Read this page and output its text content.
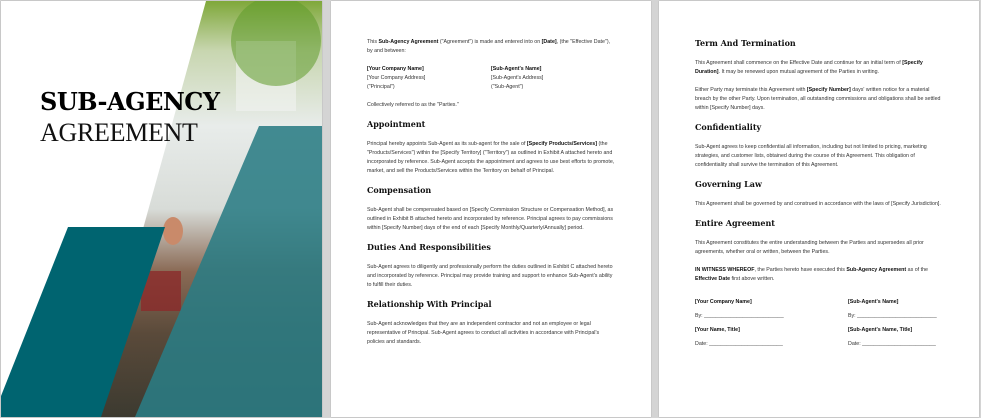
SUB-AGENCY
AGREEMENT

This Sub-Agency Agreement ("Agreement") is made and entered into on [Date], (the "Effective Date"), by and between:

[Your Company Name]
[Your Company Address]
("Principal")
[Sub-Agent's Name]
[Sub-Agent's Address]
("Sub-Agent")

Collectively referred to as the "Parties."

Appointment

Principal hereby appoints Sub-Agent as its sub-agent for the sale of [Specify Products/Services] (the "Products/Services") within the [Specify Territory] ("Territory") as outlined in Exhibit A attached hereto and incorporated by reference. Sub-Agent accepts the appointment and agrees to use best efforts to promote, market, and sell the Products/Services within the Territory on behalf of Principal.

Compensation

Sub-Agent shall be compensated based on [Specify Commission Structure or Compensation Method], as outlined in Exhibit B attached hereto and incorporated by reference. Principal agrees to pay commissions within [Specify Number] days of the end of each [Specify Monthly/Quarterly/Annually] period.

Duties And Responsibilities

Sub-Agent agrees to diligently and professionally perform the duties outlined in Exhibit C attached hereto and incorporated by reference. Principal may provide training and support to enhance Sub-Agent's ability to fulfill their duties.

Relationship With Principal

Sub-Agent acknowledges that they are an independent contractor and not an employee or legal representative of Principal. Sub-Agent agrees to conduct all activities in accordance with Principal's policies and standards.

Term And Termination

This Agreement shall commence on the Effective Date and continue for an initial term of [Specify Duration]. It may be renewed upon mutual agreement of the Parties in writing.

Either Party may terminate this Agreement with [Specify Number] days' written notice for a material breach by the other Party. Upon termination, all outstanding commissions and obligations shall be settled within [Specify Number] days.

Confidentiality

Sub-Agent agrees to keep confidential all information, including but not limited to pricing, marketing strategies, and customer lists, obtained during the course of this Agreement. This obligation of confidentiality shall survive the termination of this Agreement.

Governing Law

This Agreement shall be governed by and construed in accordance with the laws of [Specify Jurisdiction].

Entire Agreement

This Agreement constitutes the entire understanding between the Parties and supersedes all prior agreements, whether oral or written, between the Parties.

IN WITNESS WHEREOF, the Parties hereto have executed this Sub-Agency Agreement as of the Effective Date first above written.

[Your Company Name]

By: ___________________________

[Your Name, Title]

Date: _________________________

[Sub-Agent's Name]

By: ___________________________

[Sub-Agent's Name, Title]

Date: _________________________
